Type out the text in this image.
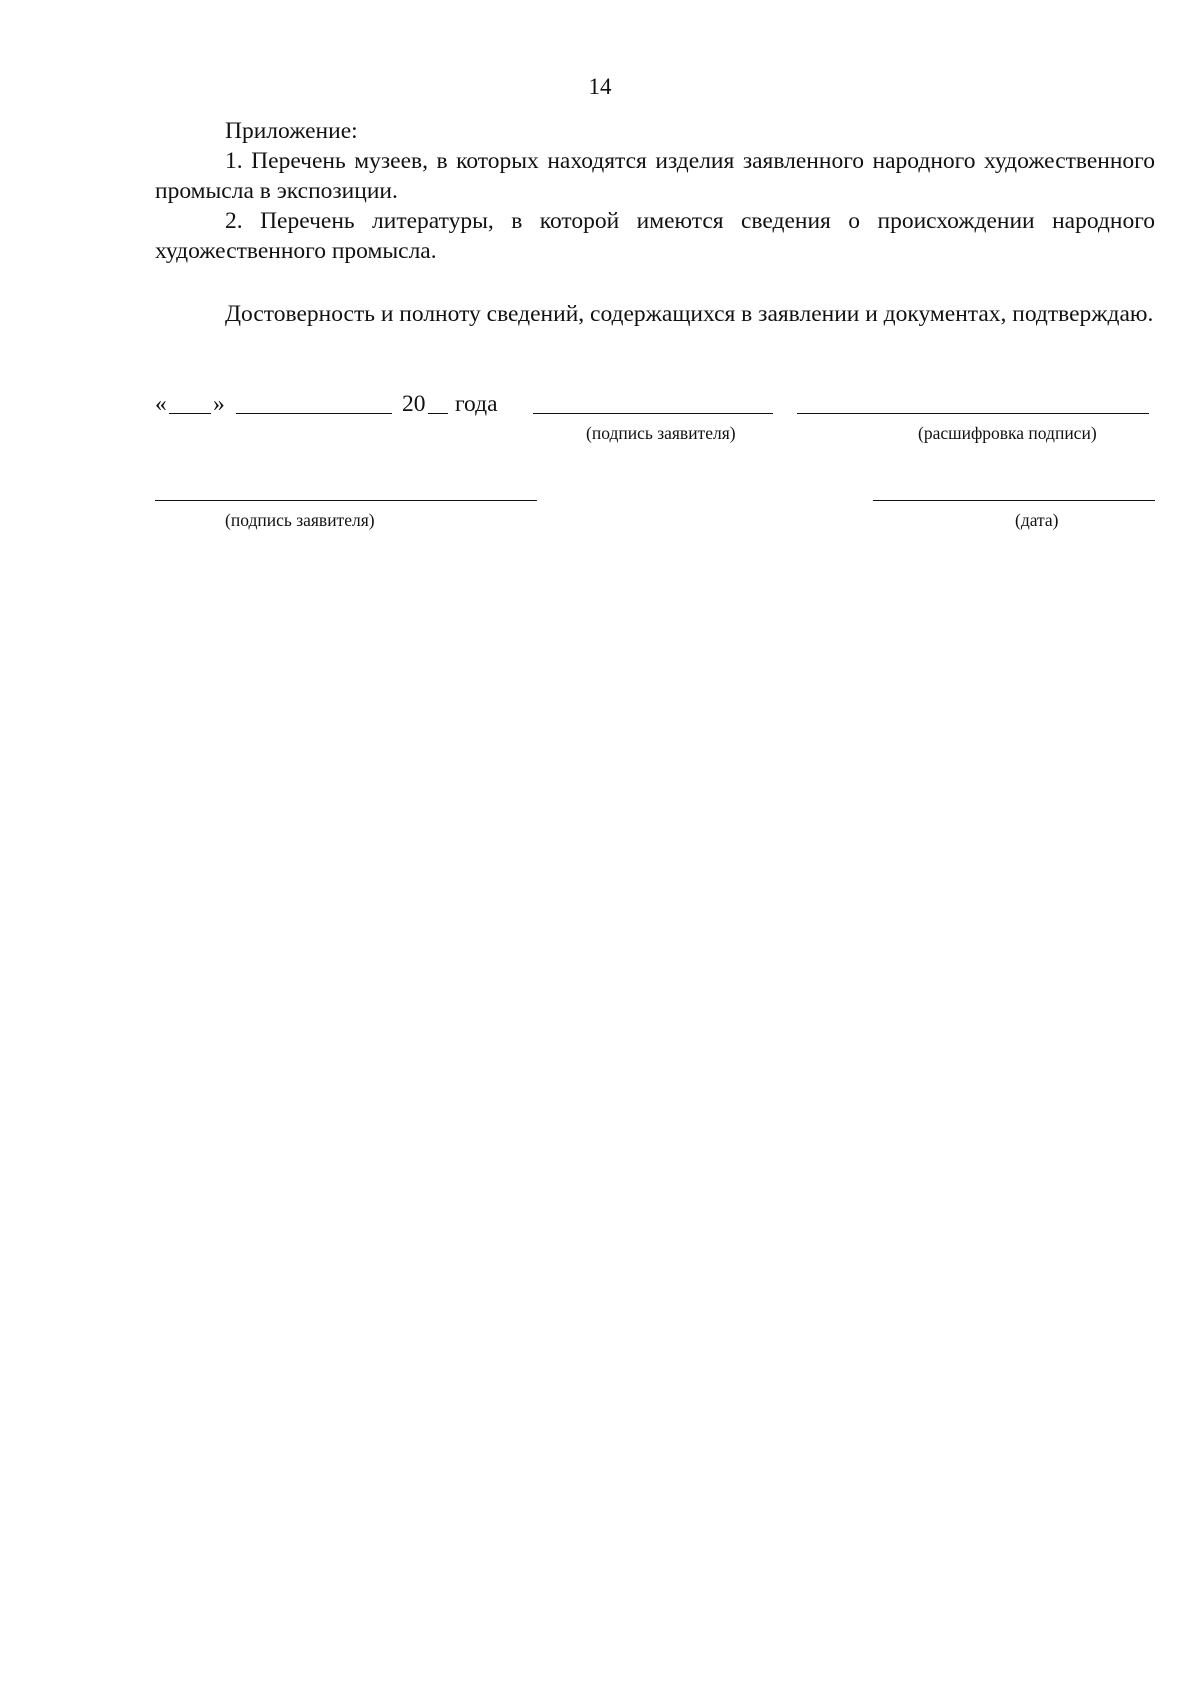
14

Приложение:

1. Перечень музеев, в которых находятся изделия заявленного народного художественного промысла в экспозиции.

2. Перечень литературы, в которой имеются сведения о происхождении народного художественного промысла.

Достоверность и полноту сведений, содержащихся в заявлении и документах, подтверждаю.

« »	20 года
(подпись заявителя)	(расшифровка подписи)
(подпись заявителя)	(дата)
